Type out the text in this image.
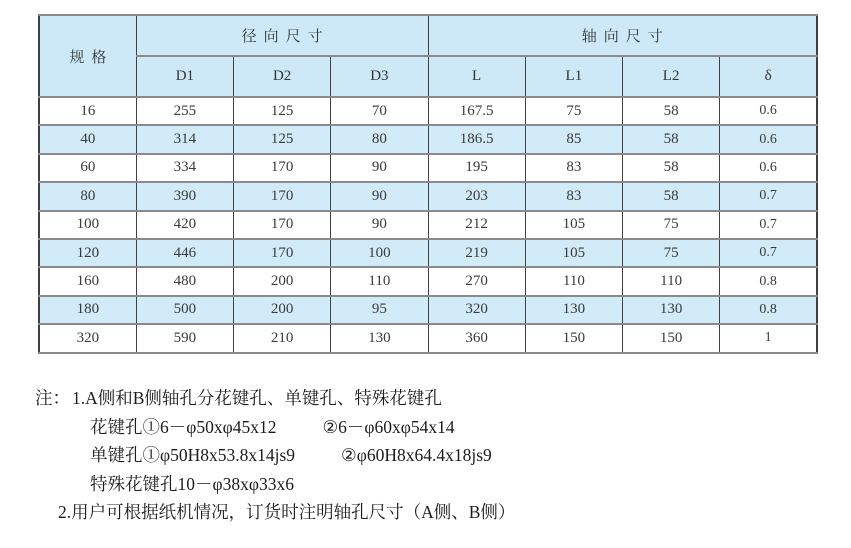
规格	径向尺寸			轴向尺寸			
	D1	D2	D3	L	L1	L2	δ
16	255	125	70	167.5	75	58	0.6
40	314	125	80	186.5	85	58	0.6
60	334	170	90	195	83	58	0.6
80	390	170	90	203	83	58	0.7
100	420	170	90	212	105	75	0.7
120	446	170	100	219	105	75	0.7
160	480	200	110	270	110	110	0.8
180	500	200	95	320	130	130	0.8
320	590	210	130	360	150	150	1
注： 1.A侧和B侧轴孔分花键孔、单键孔、特殊花键孔
花键孔①6－φ50xφ45x12	②6－φ60xφ54x14
单键孔①φ50H8x53.8x14js9	②φ60H8x64.4x18js9
特殊花键孔10－φ38xφ33x6
2.用户可根据纸机情况，订货时注明轴孔尺寸（A侧、B侧）
